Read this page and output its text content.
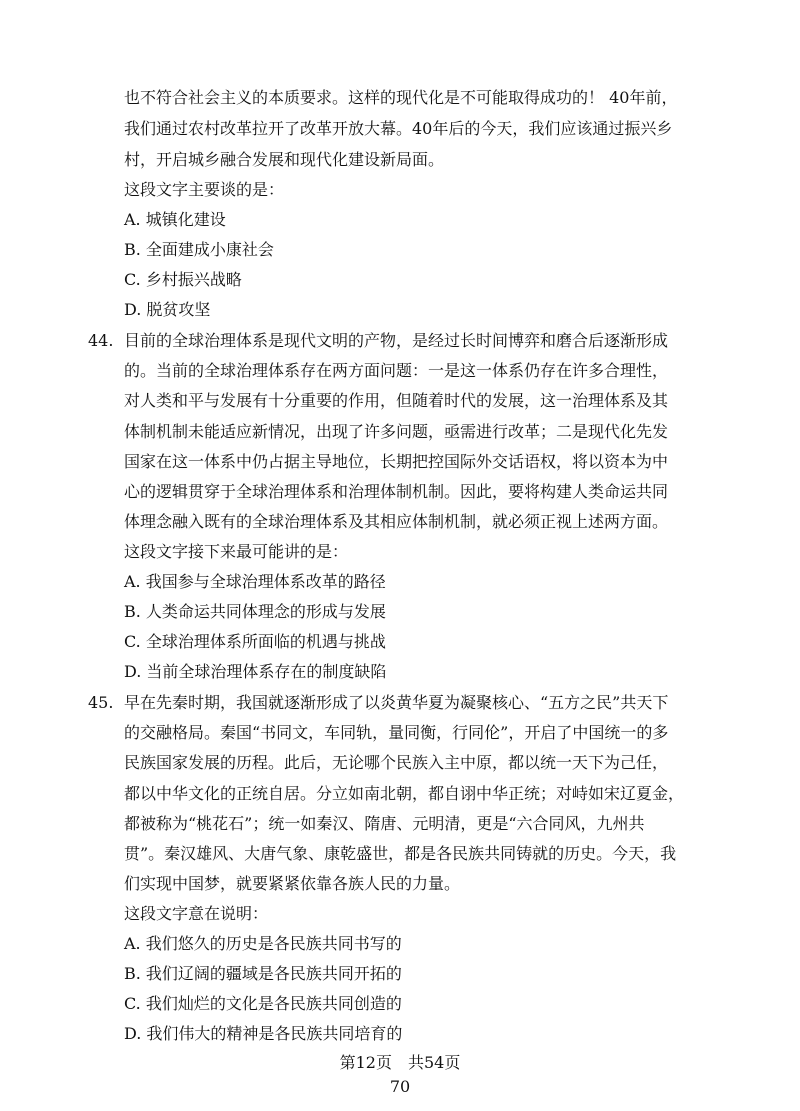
也不符合社会主义的本质要求。这样的现代化是不可能取得成功的！ 40年前，
我们通过农村改革拉开了改革开放大幕。40年后的今天，我们应该通过振兴乡
村，开启城乡融合发展和现代化建设新局面。
这段文字主要谈的是：
A. 城镇化建设
B. 全面建成小康社会
C. 乡村振兴战略
D. 脱贫攻坚
44. 目前的全球治理体系是现代文明的产物，是经过长时间博弈和磨合后逐渐形成
的。当前的全球治理体系存在两方面问题：一是这一体系仍存在许多合理性，
对人类和平与发展有十分重要的作用，但随着时代的发展，这一治理体系及其
体制机制未能适应新情况，出现了许多问题，亟需进行改革；二是现代化先发
国家在这一体系中仍占据主导地位，长期把控国际外交话语权，将以资本为中
心的逻辑贯穿于全球治理体系和治理体制机制。因此，要将构建人类命运共同
体理念融入既有的全球治理体系及其相应体制机制，就必须正视上述两方面。
这段文字接下来最可能讲的是：
A. 我国参与全球治理体系改革的路径
B. 人类命运共同体理念的形成与发展
C. 全球治理体系所面临的机遇与挑战
D. 当前全球治理体系存在的制度缺陷
45. 早在先秦时期，我国就逐渐形成了以炎黄华夏为凝聚核心、“五方之民”共天下
的交融格局。秦国“书同文，车同轨，量同衡，行同伦”，开启了中国统一的多
民族国家发展的历程。此后，无论哪个民族入主中原，都以统一天下为己任，
都以中华文化的正统自居。分立如南北朝，都自诩中华正统；对峙如宋辽夏金，
都被称为“桃花石”；统一如秦汉、隋唐、元明清，更是“六合同风，九州共
贯”。秦汉雄风、大唐气象、康乾盛世，都是各民族共同铸就的历史。今天，我
们实现中国梦，就要紧紧依靠各族人民的力量。
这段文字意在说明：
A. 我们悠久的历史是各民族共同书写的
B. 我们辽阔的疆域是各民族共同开拓的
C. 我们灿烂的文化是各民族共同创造的
D. 我们伟大的精神是各民族共同培育的
第12页　共54页
70
